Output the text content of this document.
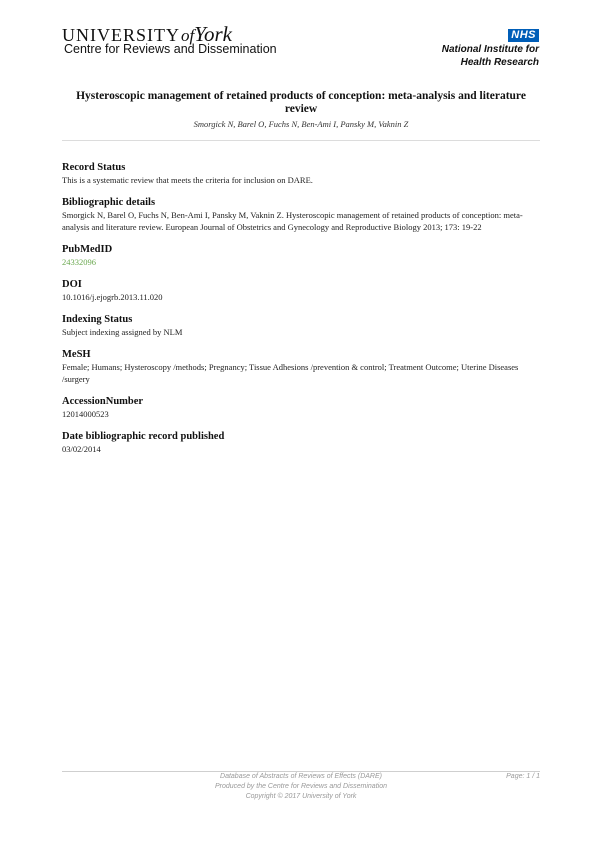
UNIVERSITYofYork
Centre for Reviews and Dissemination
NHS
National Institute for
Health Research
Hysteroscopic management of retained products of conception: meta-analysis and literature review
Smorgick N, Barel O, Fuchs N, Ben-Ami I, Pansky M, Vaknin Z
Record Status
This is a systematic review that meets the criteria for inclusion on DARE.
Bibliographic details
Smorgick N, Barel O, Fuchs N, Ben-Ami I, Pansky M, Vaknin Z. Hysteroscopic management of retained products of conception: meta-analysis and literature review. European Journal of Obstetrics and Gynecology and Reproductive Biology 2013; 173: 19-22
PubMedID
24332096
DOI
10.1016/j.ejogrb.2013.11.020
Indexing Status
Subject indexing assigned by NLM
MeSH
Female; Humans; Hysteroscopy /methods; Pregnancy; Tissue Adhesions /prevention & control; Treatment Outcome; Uterine Diseases /surgery
AccessionNumber
12014000523
Date bibliographic record published
03/02/2014
Database of Abstracts of Reviews of Effects (DARE)
Produced by the Centre for Reviews and Dissemination
Copyright © 2017 University of York
Page: 1 / 1
